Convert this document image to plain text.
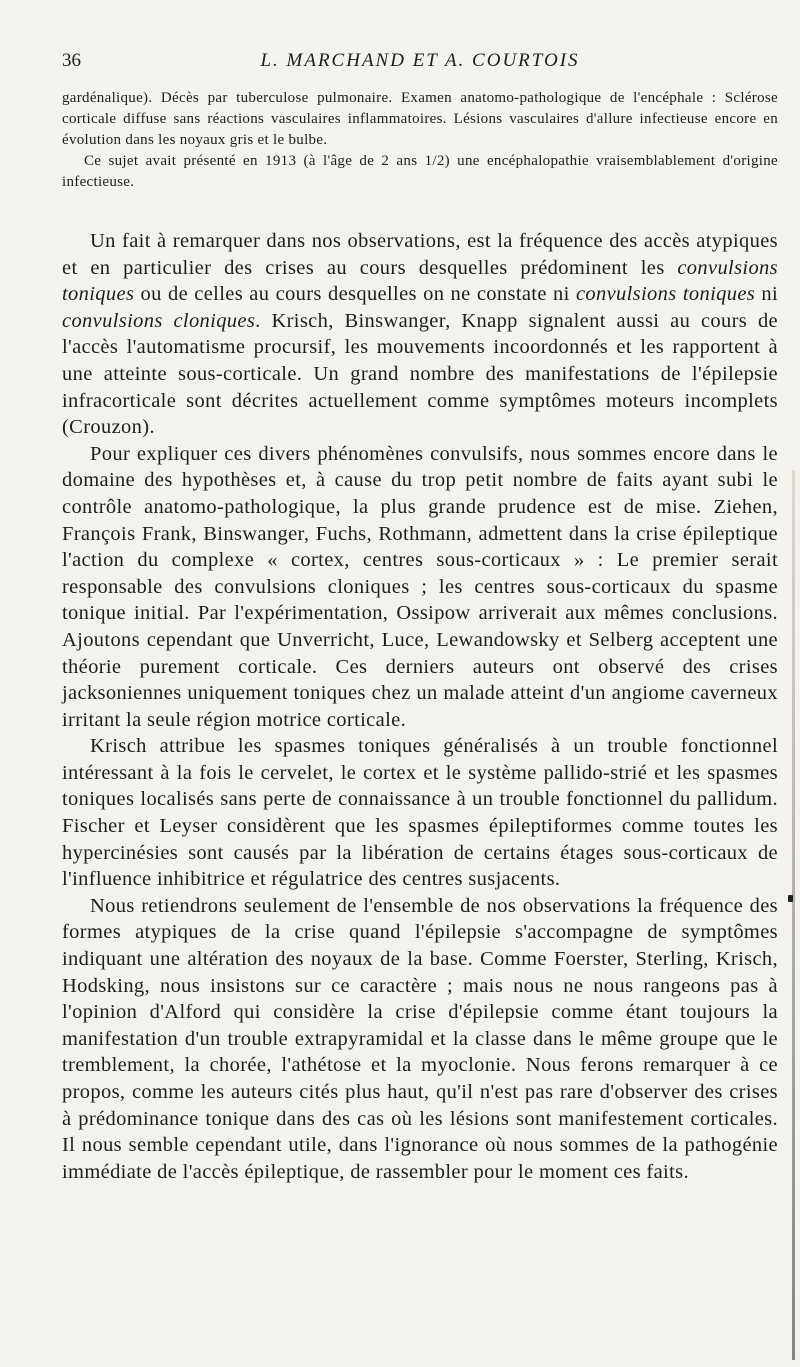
36	L. MARCHAND ET A. COURTOIS

gardénalique). Décès par tuberculose pulmonaire. Examen anatomo-pathologique de l'encéphale : Sclérose corticale diffuse sans réactions vasculaires inflammatoires. Lésions vasculaires d'allure infectieuse encore en évolution dans les noyaux gris et le bulbe.

Ce sujet avait présenté en 1913 (à l'âge de 2 ans 1/2) une encéphalopathie vraisemblablement d'origine infectieuse.

Un fait à remarquer dans nos observations, est la fréquence des accès atypiques et en particulier des crises au cours desquelles prédominent les convulsions toniques ou de celles au cours desquelles on ne constate ni convulsions toniques ni convulsions cloniques. Krisch, Binswanger, Knapp signalent aussi au cours de l'accès l'automatisme procursif, les mouvements incoordonnés et les rapportent à une atteinte sous-corticale. Un grand nombre des manifestations de l'épilepsie infracorticale sont décrites actuellement comme symptômes moteurs incomplets (Crouzon).

Pour expliquer ces divers phénomènes convulsifs, nous sommes encore dans le domaine des hypothèses et, à cause du trop petit nombre de faits ayant subi le contrôle anatomo-pathologique, la plus grande prudence est de mise. Ziehen, François Frank, Binswanger, Fuchs, Rothmann, admettent dans la crise épileptique l'action du complexe « cortex, centres sous-corticaux » : Le premier serait responsable des convulsions cloniques ; les centres sous-corticaux du spasme tonique initial. Par l'expérimentation, Ossipow arriverait aux mêmes conclusions. Ajoutons cependant que Unverricht, Luce, Lewandowsky et Selberg acceptent une théorie purement corticale. Ces derniers auteurs ont observé des crises jacksoniennes uniquement toniques chez un malade atteint d'un angiome caverneux irritant la seule région motrice corticale.

Krisch attribue les spasmes toniques généralisés à un trouble fonctionnel intéressant à la fois le cervelet, le cortex et le système pallido-strié et les spasmes toniques localisés sans perte de connaissance à un trouble fonctionnel du pallidum. Fischer et Leyser considèrent que les spasmes épileptiformes comme toutes les hypercinésies sont causés par la libération de certains étages sous-corticaux de l'influence inhibitrice et régulatrice des centres susjacents.

Nous retiendrons seulement de l'ensemble de nos observations la fréquence des formes atypiques de la crise quand l'épilepsie s'accompagne de symptômes indiquant une altération des noyaux de la base. Comme Foerster, Sterling, Krisch, Hodsking, nous insistons sur ce caractère ; mais nous ne nous rangeons pas à l'opinion d'Alford qui considère la crise d'épilepsie comme étant toujours la manifestation d'un trouble extrapyramidal et la classe dans le même groupe que le tremblement, la chorée, l'athétose et la myoclonie. Nous ferons remarquer à ce propos, comme les auteurs cités plus haut, qu'il n'est pas rare d'observer des crises à prédominance tonique dans des cas où les lésions sont manifestement corticales. Il nous semble cependant utile, dans l'ignorance où nous sommes de la pathogénie immédiate de l'accès épileptique, de rassembler pour le moment ces faits.
